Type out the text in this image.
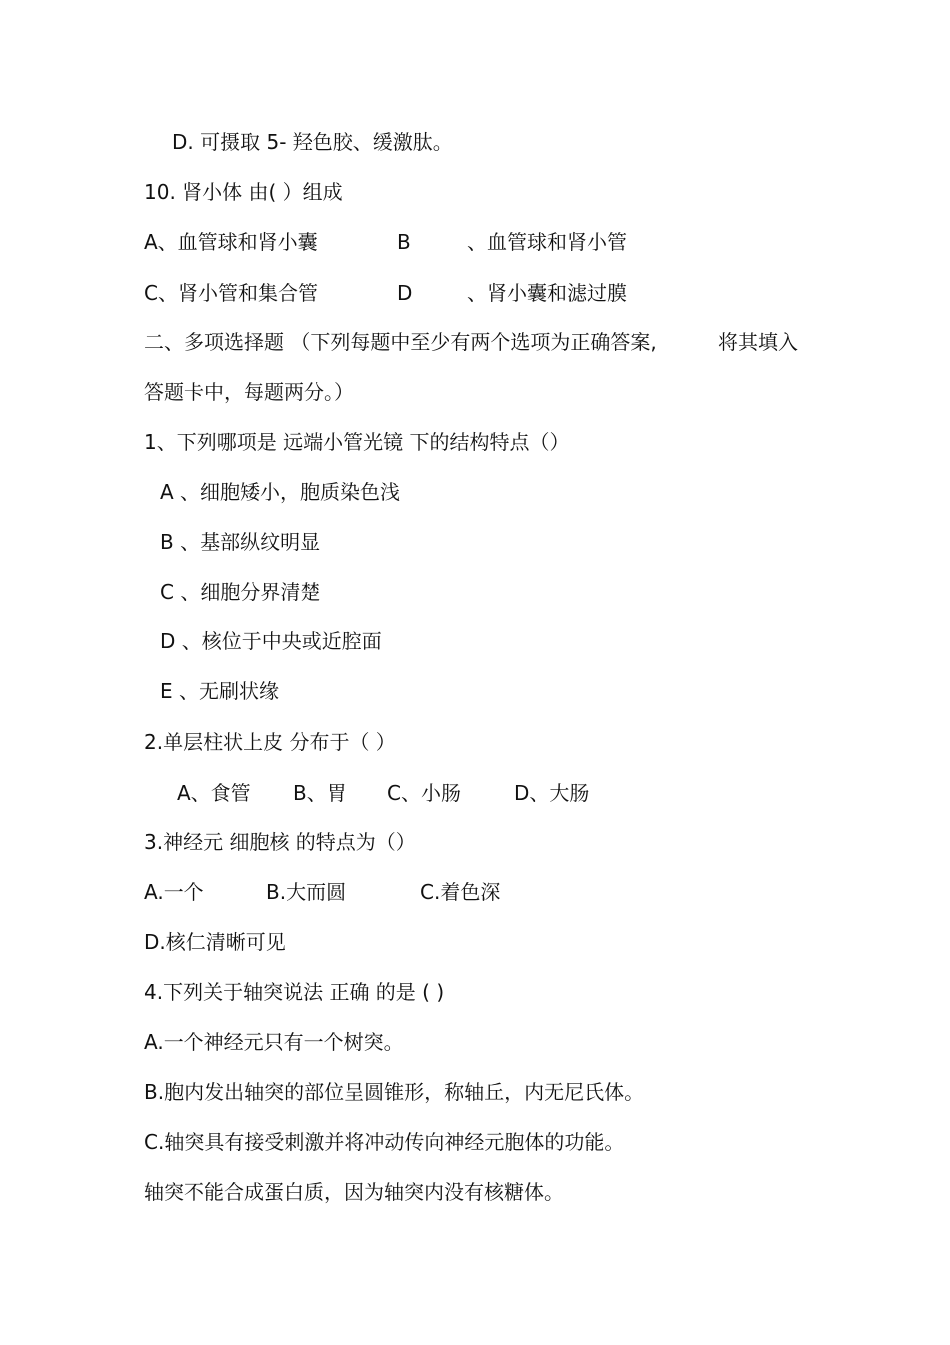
D. 可摄取 5- 羟色胶、缓激肽。
10. 肾小体 由( ）组成
A、血管球和肾小囊	B	、血管球和肾小管
C、肾小管和集合管	D	、肾小囊和滤过膜
二、多项选择题 （下列每题中至少有两个选项为正确答案,	将其填入
答题卡中，每题两分。）
1、下列哪项是 远端小管光镜 下的结构特点（）
A 、细胞矮小，胞质染色浅
B 、基部纵纹明显
C 、细胞分界清楚
D 、核位于中央或近腔面
E 、无刷状缘
2.单层柱状上皮 分布于（ ）
A、食管 B、胃 C、小肠	D、大肠
3.神经元 细胞核 的特点为（）
A.一个	B.大而圆	C.着色深
D.核仁清晰可见
4.下列关于轴突说法 正确 的是 ( )
A.一个神经元只有一个树突。
B.胞内发出轴突的部位呈圆锥形，称轴丘，内无尼氏体。
C.轴突具有接受刺激并将冲动传向神经元胞体的功能。
轴突不能合成蛋白质，因为轴突内没有核糖体。
